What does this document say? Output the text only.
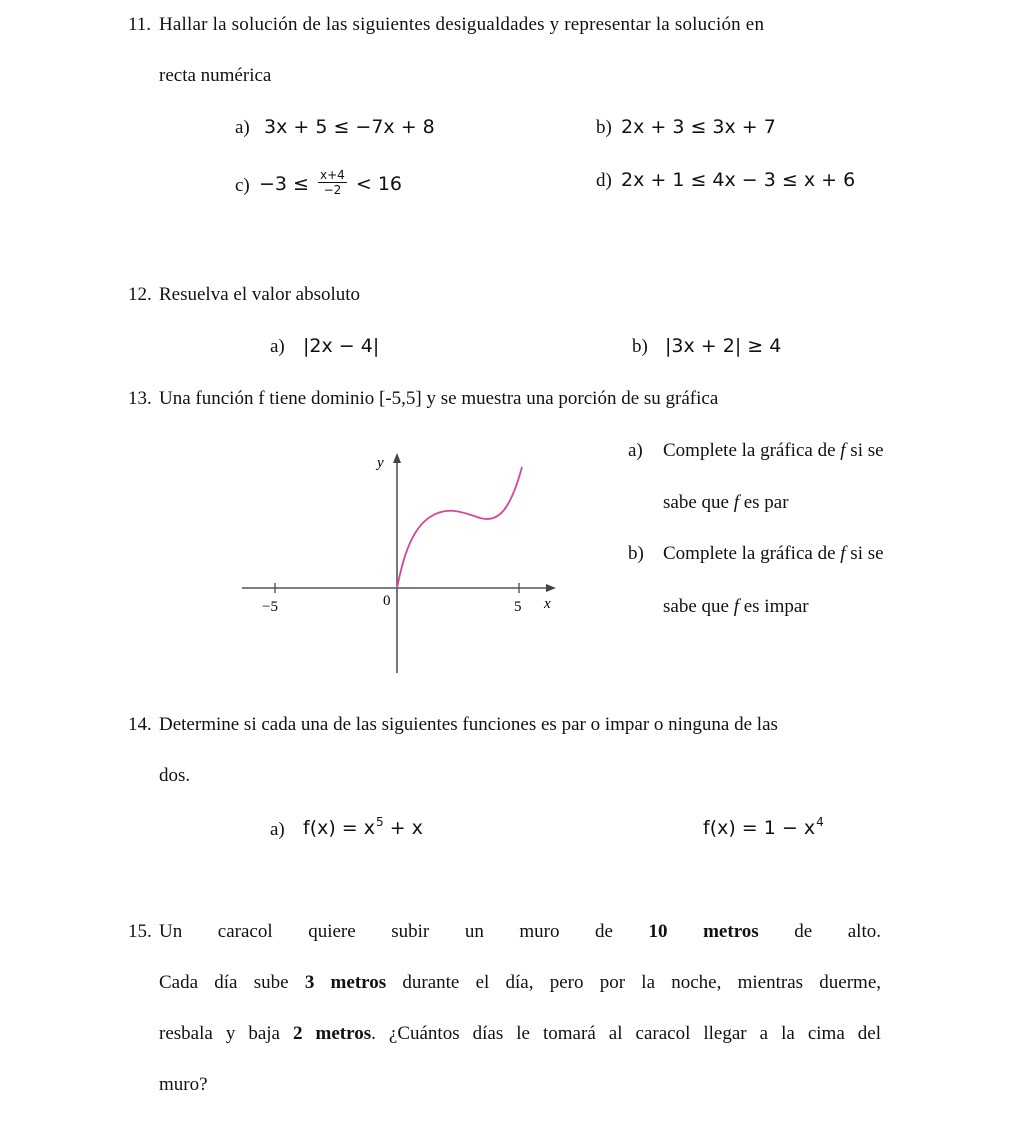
11. Hallar la solución de las siguientes desigualdades y representar la solución en
recta numérica
a) 3x + 5 ≤ −7x + 8	b) 2x + 3 ≤ 3x + 7
$c) -3 \le \frac{x+4}{-2} < 16$	d) 2x + 1 ≤ 4x − 3 ≤ x + 6
12. Resuelva el valor absoluto
a) |2x − 4|	b) |3x + 2| ≥ 4
13. Una función f tiene dominio [-5,5] y se muestra una porción de su gráfica
y
x
−5	0	5
a) Complete la gráfica de f si se
sabe que f es par
b) Complete la gráfica de f si se
sabe que f es impar
14. Determine si cada una de las siguientes funciones es par o impar o ninguna de las
dos.
a) $f(x) = x^5 + x$	$f(x) = 1 - x^4$
15. Un caracol quiere subir un muro de 10 metros de alto.
Cada día sube 3 metros durante el día, pero por la noche, mientras duerme,
resbala y baja 2 metros. ¿Cuántos días le tomará al caracol llegar a la cima del
muro?
